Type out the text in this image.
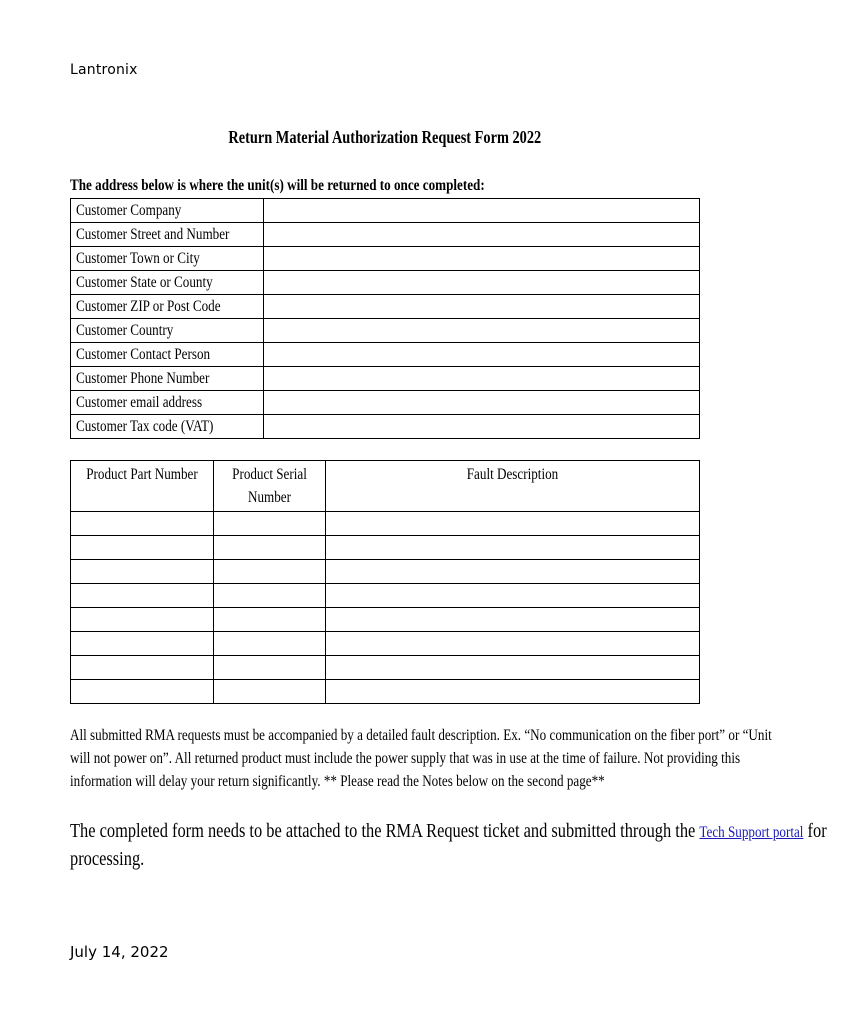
Lantronix
Return Material Authorization Request Form 2022
The address below is where the unit(s) will be returned to once completed:
Customer Company	
Customer Street and Number	
Customer Town or City	
Customer State or County	
Customer ZIP or Post Code	
Customer Country	
Customer Contact Person	
Customer Phone Number	
Customer email address	
Customer Tax code (VAT)	
Product Part Number	Product Serial Number	Fault Description

All submitted RMA requests must be accompanied by a detailed fault description. Ex. “No communication on the fiber port” or “Unit
will not power on”. All returned product must include the power supply that was in use at the time of failure. Not providing this
information will delay your return significantly. ** Please read the Notes below on the second page**
The completed form needs to be attached to the RMA Request ticket and submitted through the Tech Support portal for
processing.
July 14, 2022
